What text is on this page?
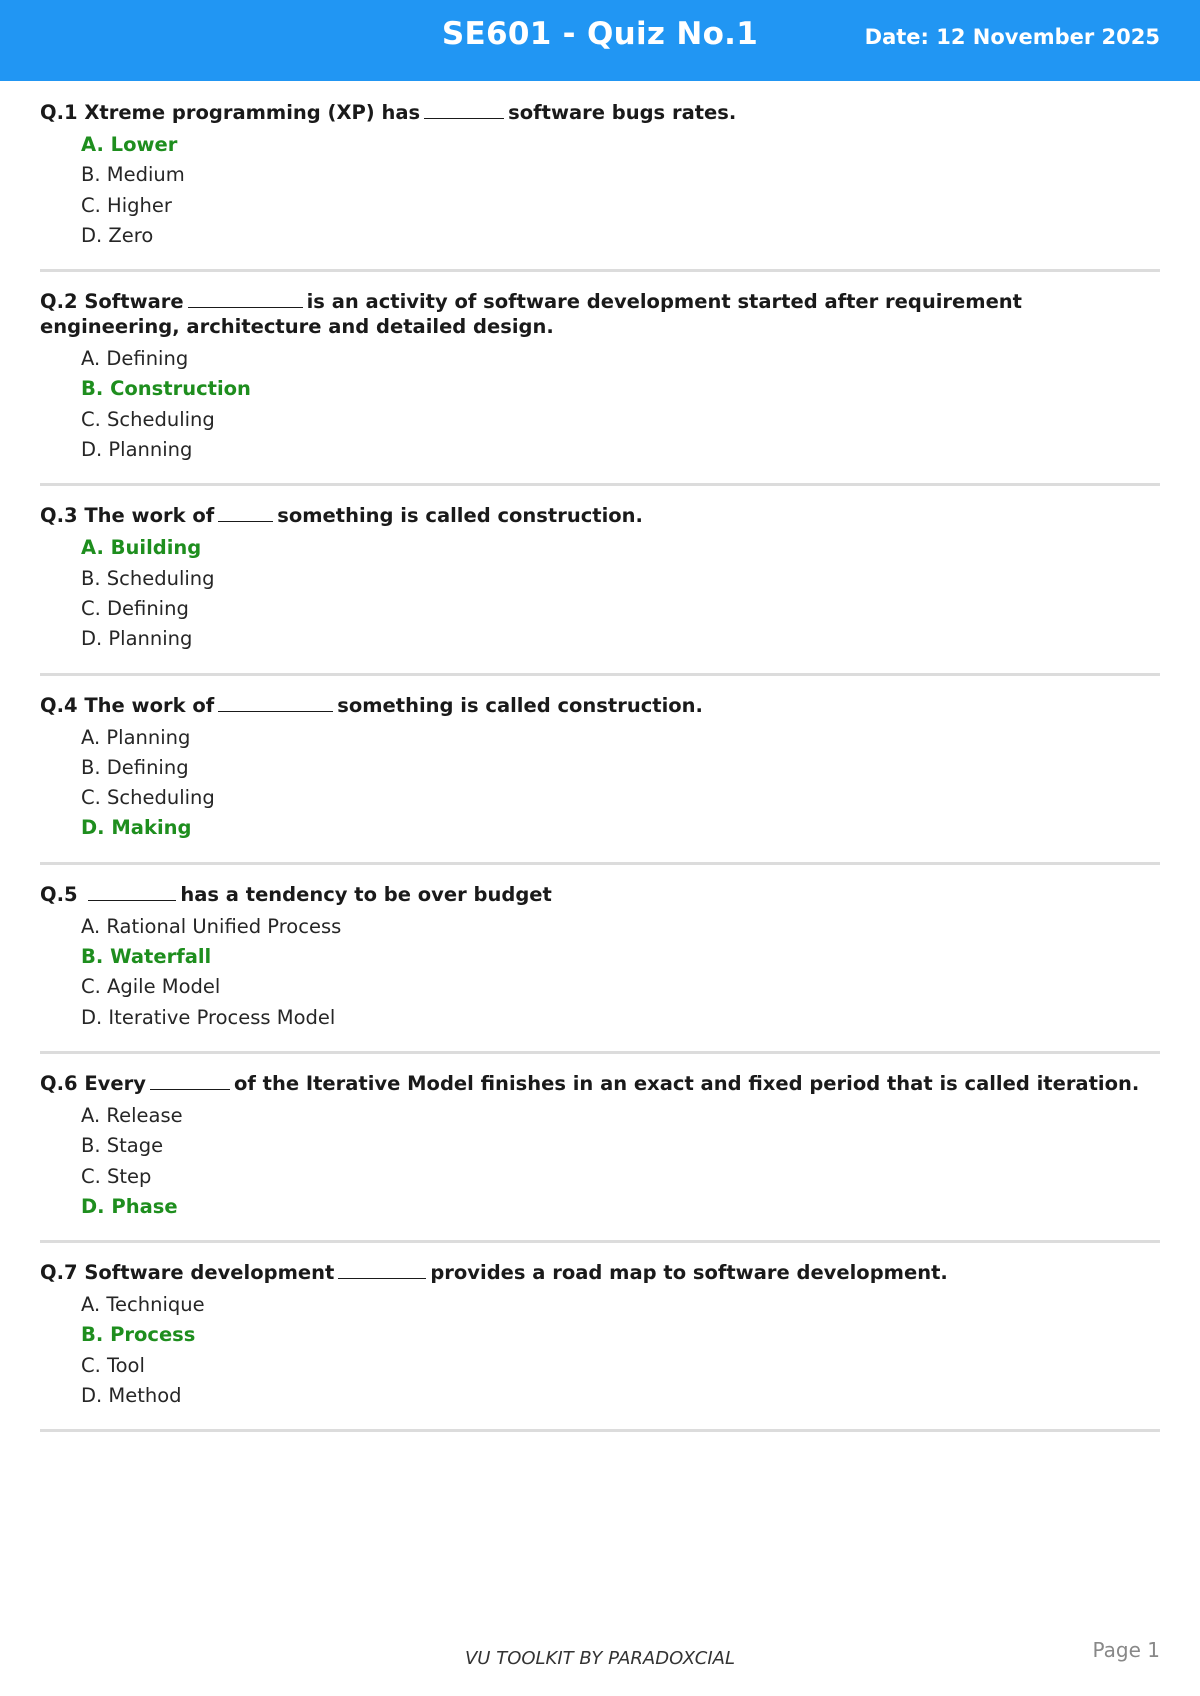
SE601 - Quiz No.1	Date: 12 November 2025
Q.1 Xtreme programming (XP) has	software bugs rates.
A. Lower
B. Medium
C. Higher
D. Zero
Q.2 Software	is an activity of software development started after requirement engineering, architecture and detailed design.
A. Defining
B. Construction
C. Scheduling
D. Planning
Q.3 The work of	something is called construction.
A. Building
B. Scheduling
C. Defining
D. Planning
Q.4 The work of	something is called construction.
A. Planning
B. Defining
C. Scheduling
D. Making
Q.5	has a tendency to be over budget
A. Rational Unified Process
B. Waterfall
C. Agile Model
D. Iterative Process Model
Q.6 Every	of the Iterative Model finishes in an exact and fixed period that is called iteration.
A. Release
B. Stage
C. Step
D. Phase
Q.7 Software development	provides a road map to software development.
A. Technique
B. Process
C. Tool
D. Method
VU TOOLKIT BY PARADOXCIAL	Page 1
